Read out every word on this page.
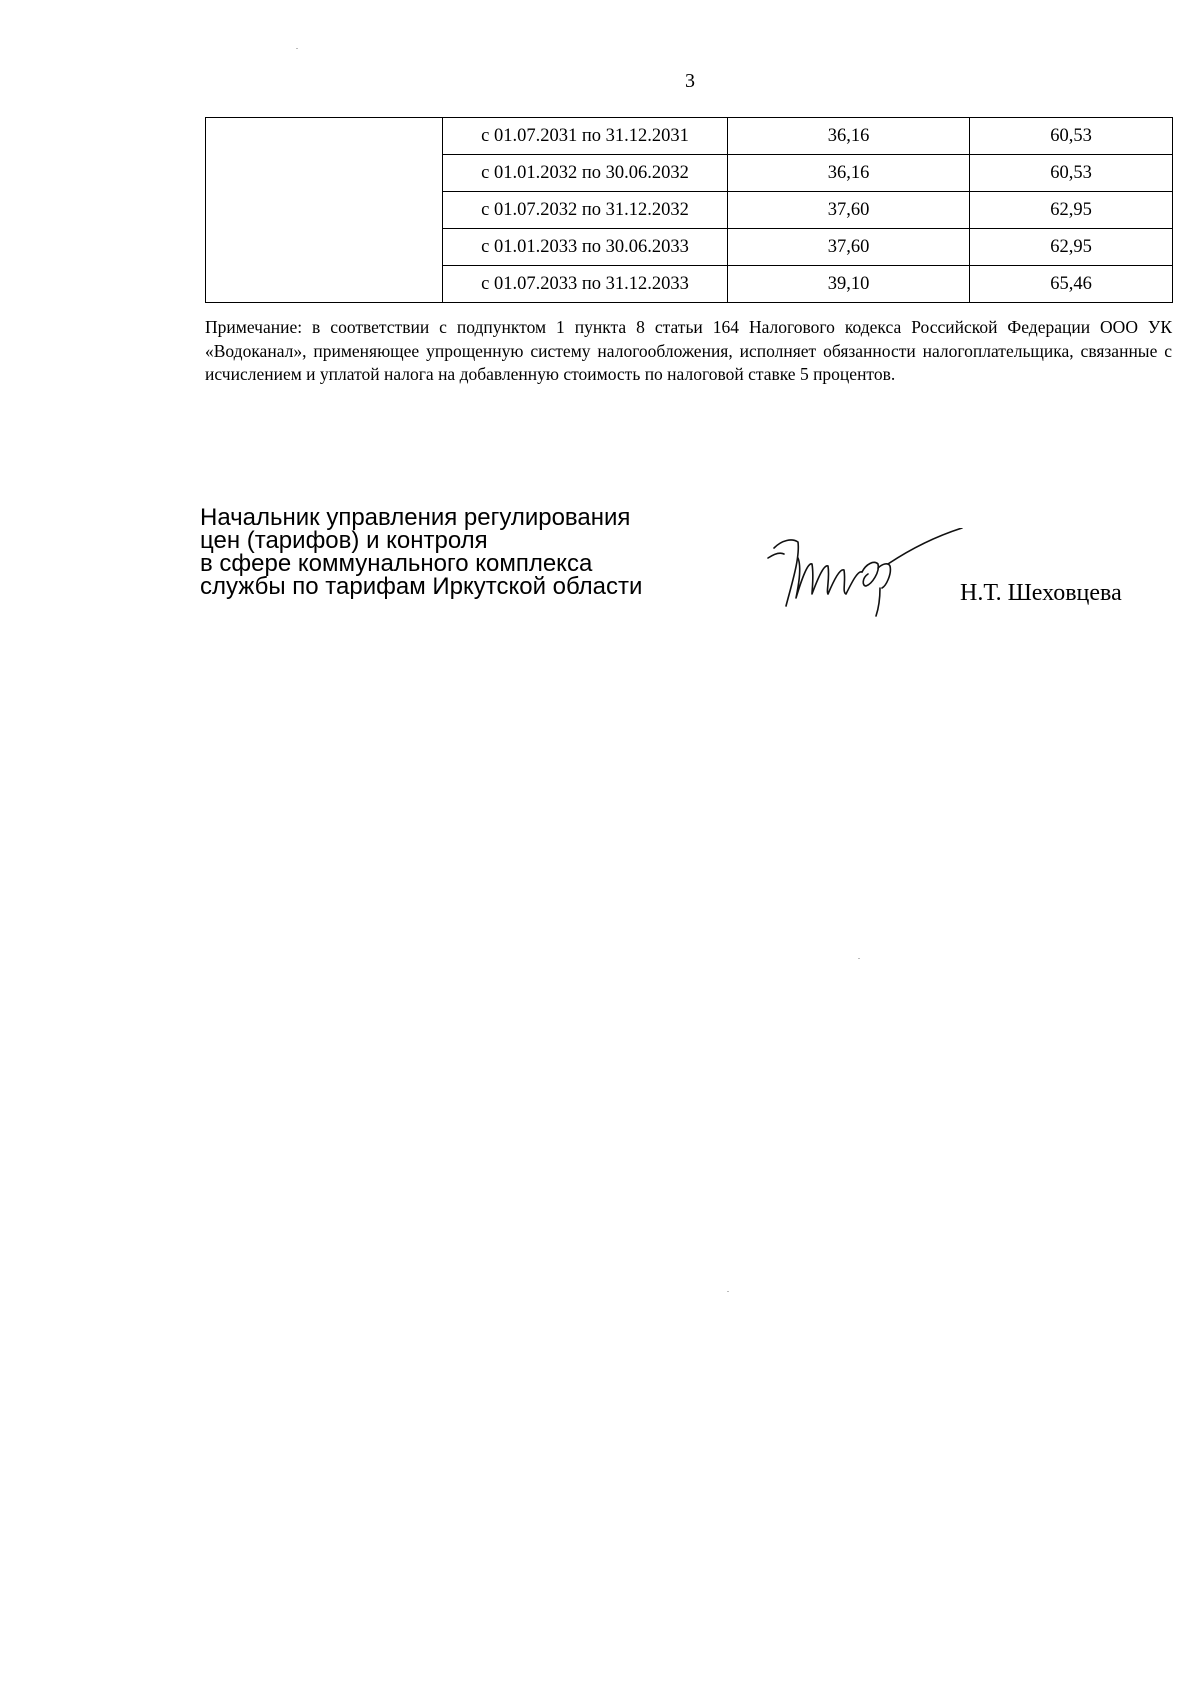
3
	с 01.07.2031 по 31.12.2031	36,16	60,53
	с 01.01.2032 по 30.06.2032	36,16	60,53
	с 01.07.2032 по 31.12.2032	37,60	62,95
	с 01.01.2033 по 30.06.2033	37,60	62,95
	с 01.07.2033 по 31.12.2033	39,10	65,46
Примечание: в соответствии с подпунктом 1 пункта 8 статьи 164 Налогового кодекса Российской Федерации ООО УК «Водоканал», применяющее упрощенную систему налогообложения, исполняет обязанности налогоплательщика, связанные с исчислением и уплатой налога на добавленную стоимость по налоговой ставке 5 процентов.
Начальник управления регулирования
цен (тарифов) и контроля
в сфере коммунального комплекса
службы по тарифам Иркутской области	Н.Т. Шеховцева
